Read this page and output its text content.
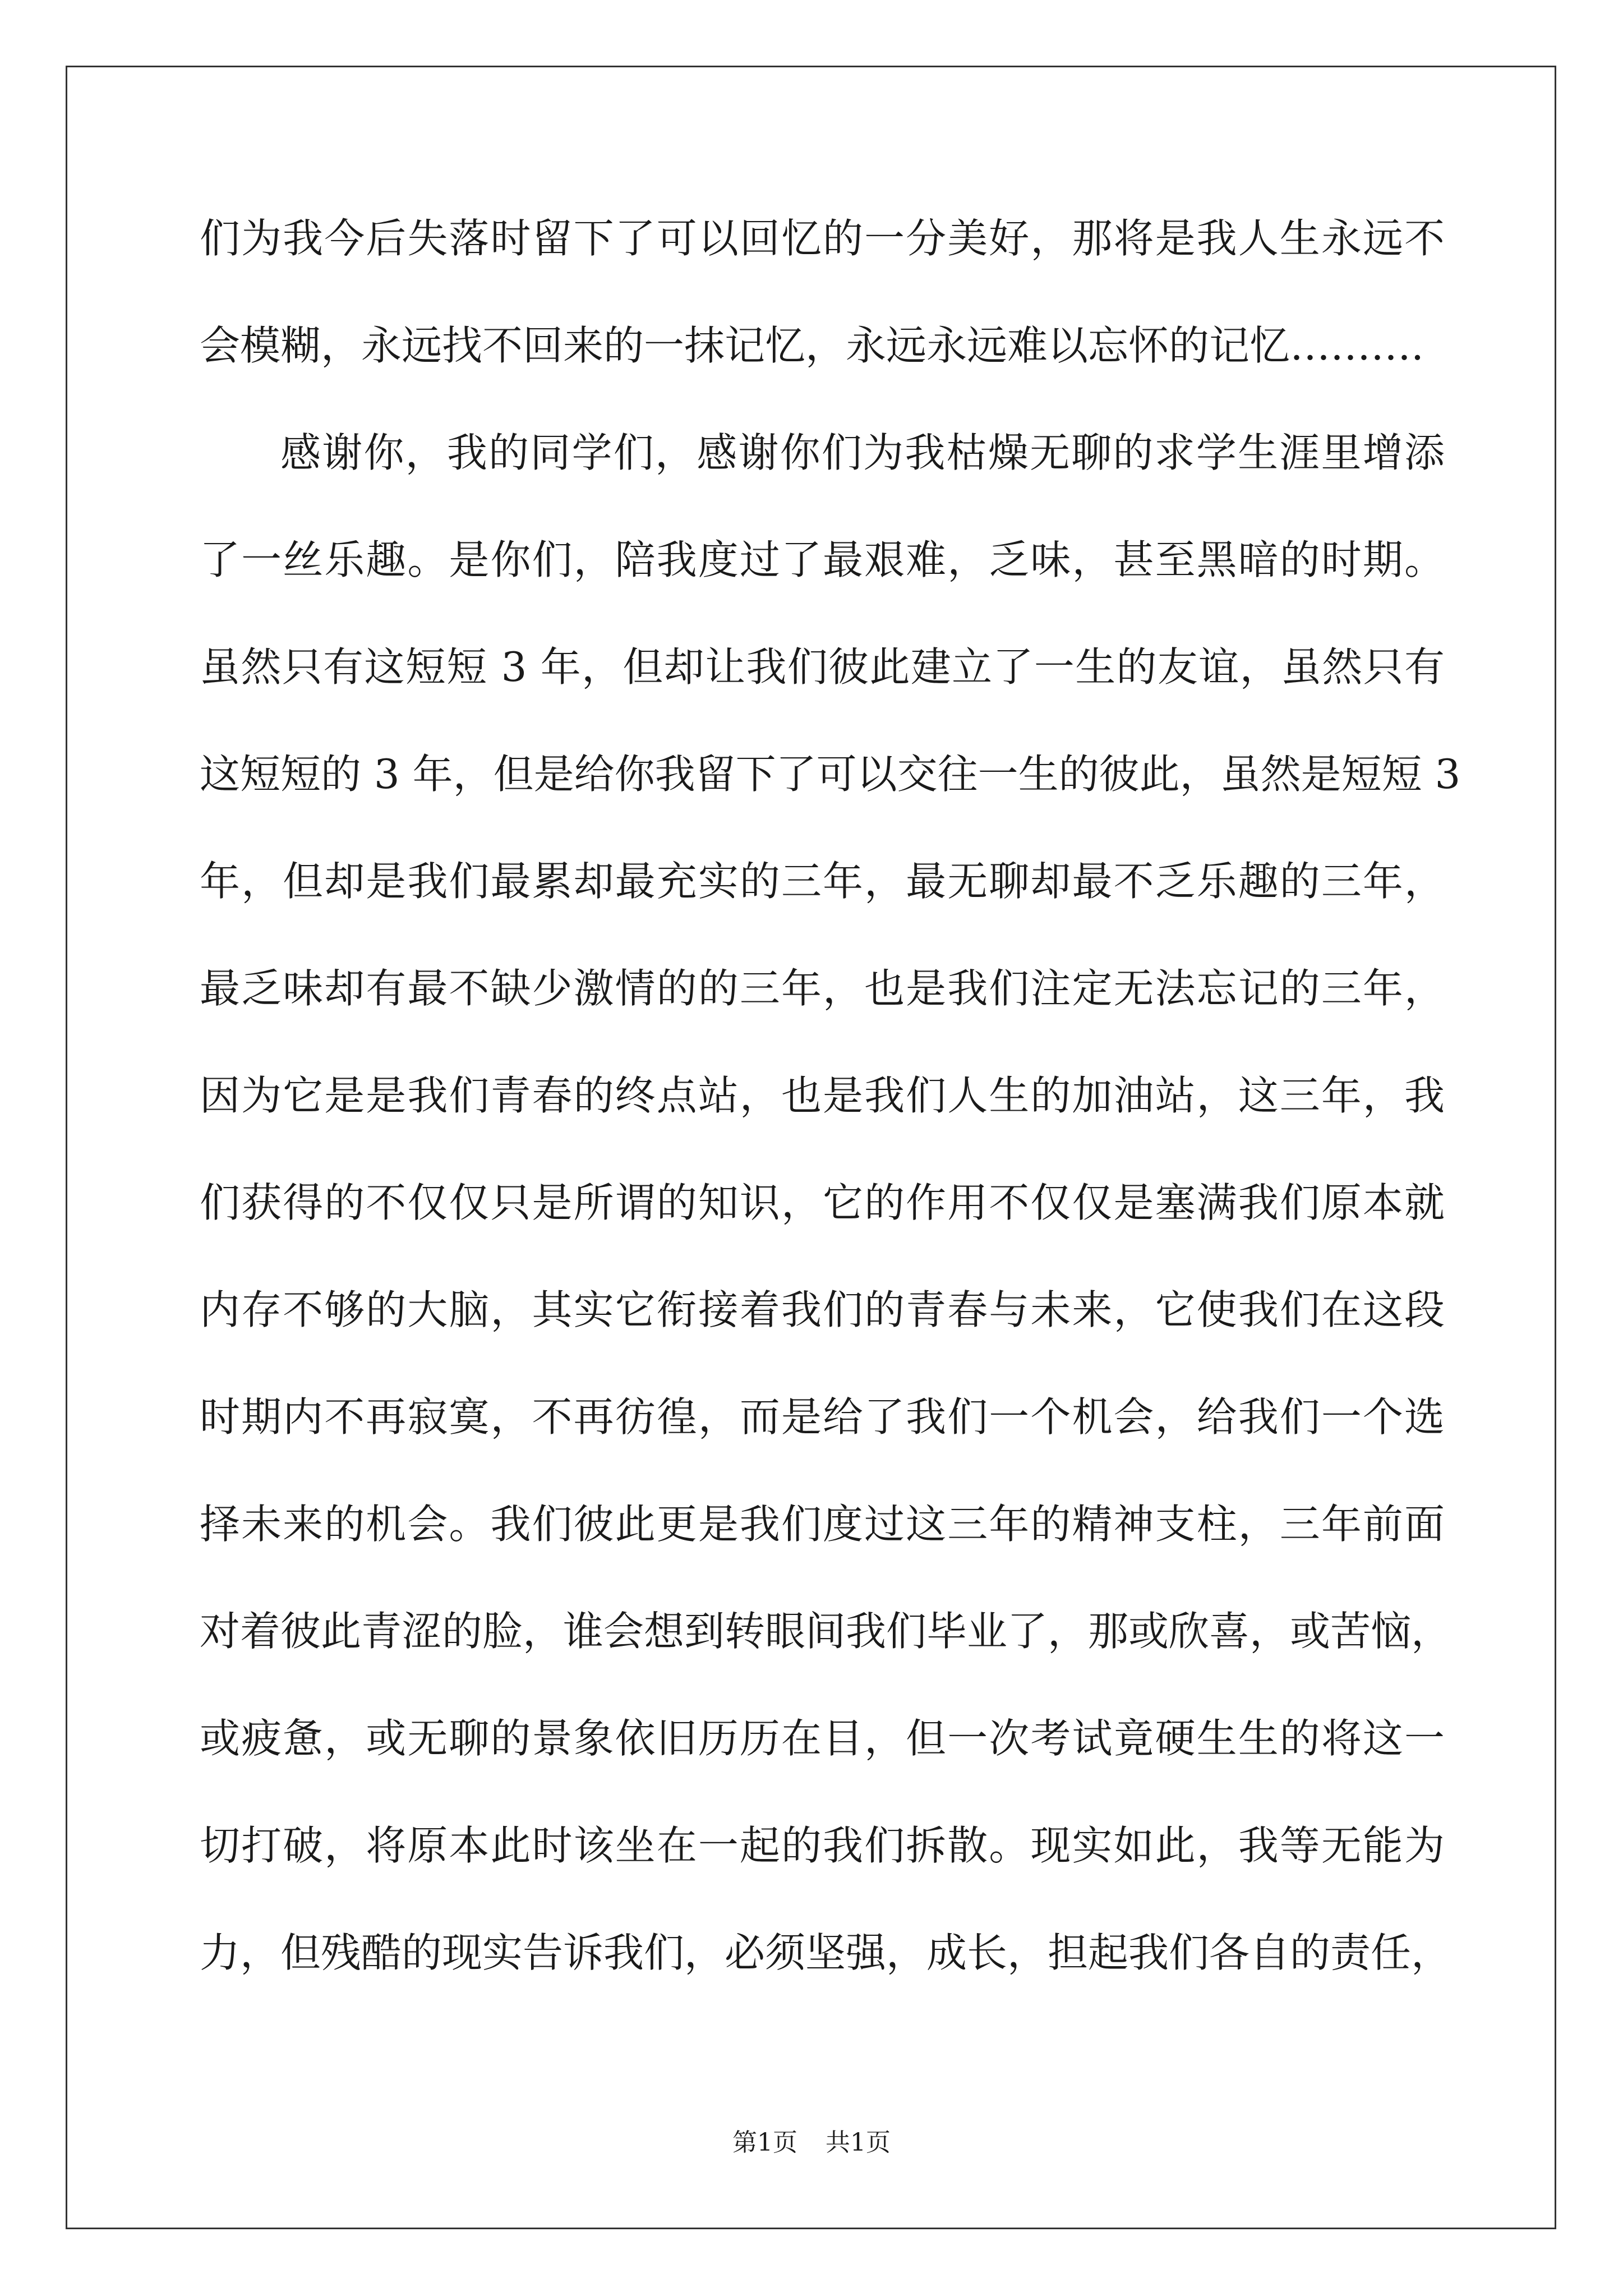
们为我今后失落时留下了可以回忆的一分美好，那将是我人生永远不
会模糊，永远找不回来的一抹记忆，永远永远难以忘怀的记忆……….
感谢你，我的同学们，感谢你们为我枯燥无聊的求学生涯里增添
了一丝乐趣。是你们，陪我度过了最艰难，乏味，甚至黑暗的时期。
虽然只有这短短 3 年，但却让我们彼此建立了一生的友谊，虽然只有
这短短的 3 年，但是给你我留下了可以交往一生的彼此，虽然是短短 3
年，但却是我们最累却最充实的三年，最无聊却最不乏乐趣的三年，
最乏味却有最不缺少激情的的三年，也是我们注定无法忘记的三年，
因为它是是我们青春的终点站，也是我们人生的加油站，这三年，我
们获得的不仅仅只是所谓的知识，它的作用不仅仅是塞满我们原本就
内存不够的大脑，其实它衔接着我们的青春与未来，它使我们在这段
时期内不再寂寞，不再彷徨，而是给了我们一个机会，给我们一个选
择未来的机会。我们彼此更是我们度过这三年的精神支柱，三年前面
对着彼此青涩的脸，谁会想到转眼间我们毕业了，那或欣喜，或苦恼，
或疲惫，或无聊的景象依旧历历在目，但一次考试竟硬生生的将这一
切打破，将原本此时该坐在一起的我们拆散。现实如此，我等无能为
力，但残酷的现实告诉我们，必须坚强，成长，担起我们各自的责任，
第1页 共1页
